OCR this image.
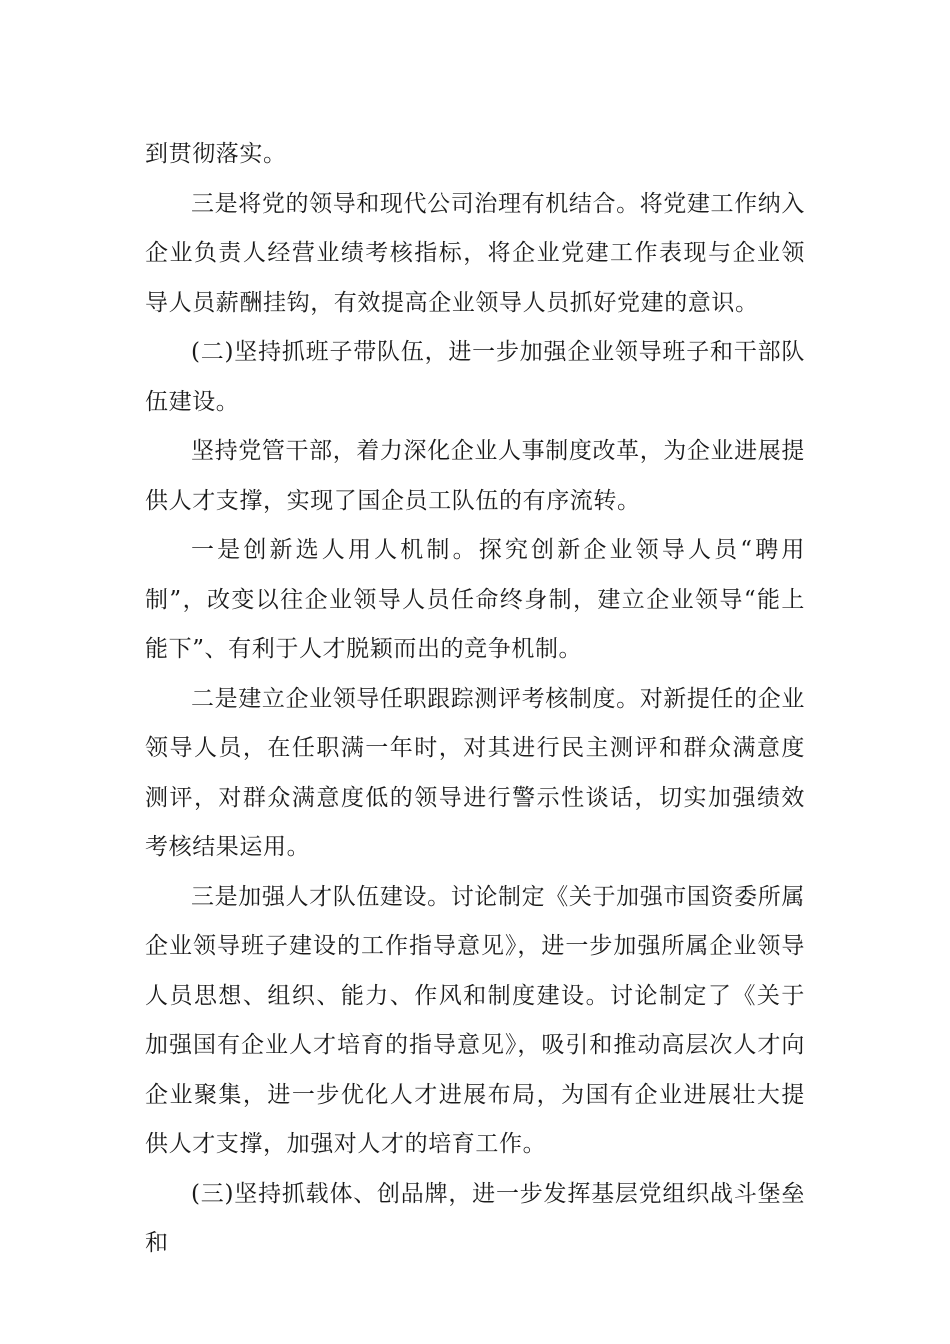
到贯彻落实。

三是将党的领导和现代公司治理有机结合。将党建工作纳入企业负责人经营业绩考核指标，将企业党建工作表现与企业领导人员薪酬挂钩，有效提高企业领导人员抓好党建的意识。

(二)坚持抓班子带队伍，进一步加强企业领导班子和干部队伍建设。

坚持党管干部，着力深化企业人事制度改革，为企业进展提供人才支撑，实现了国企员工队伍的有序流转。

一是创新选人用人机制。探究创新企业领导人员“聘用制”，改变以往企业领导人员任命终身制，建立企业领导“能上能下”、有利于人才脱颖而出的竞争机制。

二是建立企业领导任职跟踪测评考核制度。对新提任的企业领导人员，在任职满一年时，对其进行民主测评和群众满意度测评，对群众满意度低的领导进行警示性谈话，切实加强绩效考核结果运用。

三是加强人才队伍建设。讨论制定《关于加强市国资委所属企业领导班子建设的工作指导意见》，进一步加强所属企业领导人员思想、组织、能力、作风和制度建设。讨论制定了《关于加强国有企业人才培育的指导意见》，吸引和推动高层次人才向企业聚集，进一步优化人才进展布局，为国有企业进展壮大提供人才支撑，加强对人才的培育工作。

(三)坚持抓载体、创品牌，进一步发挥基层党组织战斗堡垒和
